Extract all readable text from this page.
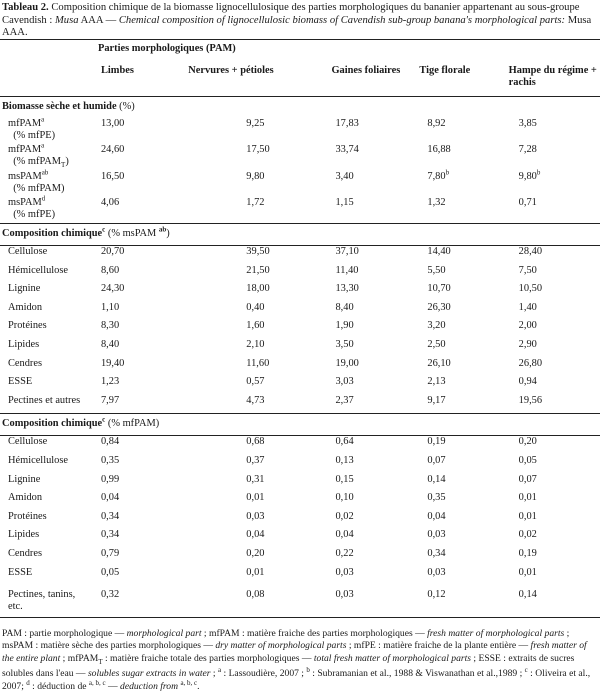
Tableau 2. Composition chimique de la biomasse lignocellulosique des parties morphologiques du bananier appartenant au sous-groupe Cavendish : Musa AAA — Chemical composition of lignocellulosic biomass of Cavendish sub-group banana's morphological parts: Musa AAA.
Parties morphologiques (PAM)					
	Limbes	Nervures + pétioles	Gaines foliaires	Tige florale	Hampe du régime + rachis
Biomasse sèche et humide (%)					
mfPAM$^a$
(% mfPE)	13,00	9,25	17,83	8,92	3,85
mfPAM$^a$
(% mfPAM$_T$)	24,60	17,50	33,74	16,88	7,28
msPAM$^{ab}$
(% mfPAM)	16,50	9,80	3,40	7,80$^b$	9,80$^b$
msPAM$^d$
(% mfPE)	4,06	1,72	1,15	1,32	0,71
Composition chimique$^c$ (% msPAM $^{ab}$)					
Cellulose	20,70	39,50	37,10	14,40	28,40
Hémicellulose	8,60	21,50	11,40	5,50	7,50
Lignine	24,30	18,00	13,30	10,70	10,50
Amidon	1,10	0,40	8,40	26,30	1,40
Protéines	8,30	1,60	1,90	3,20	2,00
Lipides	8,40	2,10	3,50	2,50	2,90
Cendres	19,40	11,60	19,00	26,10	26,80
ESSE	1,23	0,57	3,03	2,13	0,94
Pectines et autres	7,97	4,73	2,37	9,17	19,56
Composition chimique$^c$ (% mfPAM)					
Cellulose	0,84	0,68	0,64	0,19	0,20
Hémicellulose	0,35	0,37	0,13	0,07	0,05
Lignine	0,99	0,31	0,15	0,14	0,07
Amidon	0,04	0,01	0,10	0,35	0,01
Protéines	0,34	0,03	0,02	0,04	0,01
Lipides	0,34	0,04	0,04	0,03	0,02
Cendres	0,79	0,20	0,22	0,34	0,19
ESSE	0,05	0,01	0,03	0,03	0,01
Pectines, tanins,
etc.	0,32	0,08	0,03	0,12	0,14
PAM : partie morphologique — morphological part ; mfPAM : matière fraiche des parties morphologiques — fresh matter of morphological parts ; msPAM : matière sèche des parties morphologiques — dry matter of morphological parts ; mfPE : matière fraiche de la plante entière — fresh matter of the entire plant ; mfPAM$_T$ : matière fraiche totale des parties morphologiques — total fresh matter of morphological parts ; ESSE : extraits de sucres solubles dans l'eau — solubles sugar extracts in water ; $^a$ : Lassoudière, 2007 ; $^b$ : Subramanian et al., 1988 & Viswanathan et al.,1989 ; $^c$ : Oliveira et al., 2007; $^d$ : déduction de $^{a, b, c}$ — deduction from $^{a, b, c}$.
